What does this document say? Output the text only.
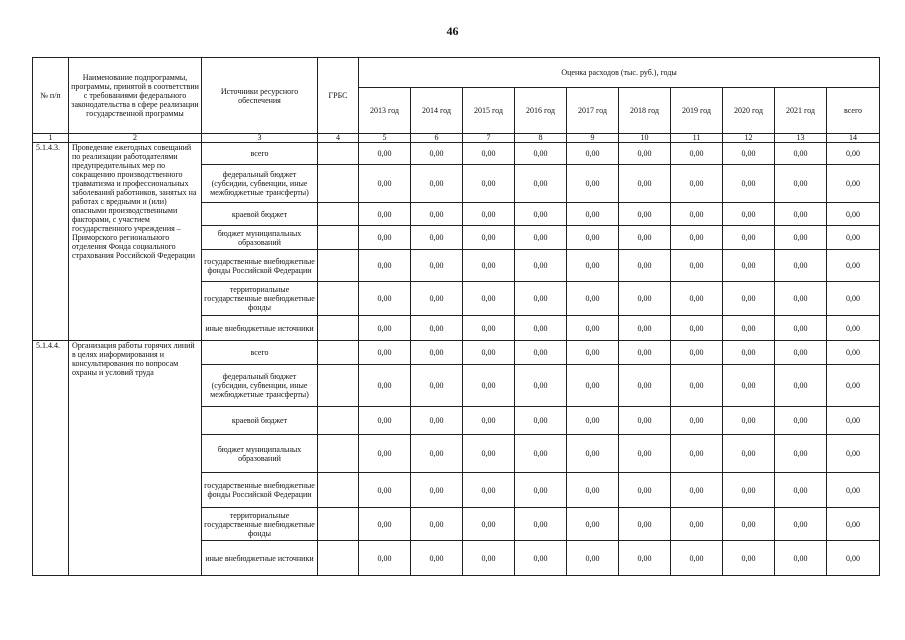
46
№ п/п	Наименование подпрограммы, программы, принятой в соответствии с требованиями федерального законодательства в сфере реализации государственной программы	Источники ресурсного обеспечения	ГРБС	Оценка расходов (тыс. руб.), годы									
				2013 год	2014 год	2015 год	2016 год	2017 год	2018 год	2019 год	2020 год	2021 год	всего
1	2	3	4	5	6	7	8	9	10	11	12	13	14
5.1.4.3.	Проведение ежегодных совещаний по реализации работодателями предупредительных мер по сокращению производственного травматизма и профессиональных заболеваний работников, занятых на работах с вредными и (или) опасными производственными факторами, с участием государственного учреждения – Приморского регионального отделения Фонда социального страхования Российской Федерации	всего		0,00	0,00	0,00	0,00	0,00	0,00	0,00	0,00	0,00	0,00
		федеральный бюджет (субсидии, субвенции, иные межбюджетные трансферты)		0,00	0,00	0,00	0,00	0,00	0,00	0,00	0,00	0,00	0,00
		краевой бюджет		0,00	0,00	0,00	0,00	0,00	0,00	0,00	0,00	0,00	0,00
		бюджет муниципальных образований		0,00	0,00	0,00	0,00	0,00	0,00	0,00	0,00	0,00	0,00
		государственные внебюджетные фонды Российской Федерации		0,00	0,00	0,00	0,00	0,00	0,00	0,00	0,00	0,00	0,00
		территориальные государственные внебюджетные фонды		0,00	0,00	0,00	0,00	0,00	0,00	0,00	0,00	0,00	0,00
		иные внебюджетные источники		0,00	0,00	0,00	0,00	0,00	0,00	0,00	0,00	0,00	0,00
5.1.4.4.	Организация работы горячих линий в целях информирования и консультирования по вопросам охраны и условий труда	всего		0,00	0,00	0,00	0,00	0,00	0,00	0,00	0,00	0,00	0,00
		федеральный бюджет (субсидии, субвенции, иные межбюджетные трансферты)		0,00	0,00	0,00	0,00	0,00	0,00	0,00	0,00	0,00	0,00
		краевой бюджет		0,00	0,00	0,00	0,00	0,00	0,00	0,00	0,00	0,00	0,00
		бюджет муниципальных образований		0,00	0,00	0,00	0,00	0,00	0,00	0,00	0,00	0,00	0,00
		государственные внебюджетные фонды Российской Федерации		0,00	0,00	0,00	0,00	0,00	0,00	0,00	0,00	0,00	0,00
		территориальные государственные внебюджетные фонды		0,00	0,00	0,00	0,00	0,00	0,00	0,00	0,00	0,00	0,00
		иные внебюджетные источники		0,00	0,00	0,00	0,00	0,00	0,00	0,00	0,00	0,00	0,00
